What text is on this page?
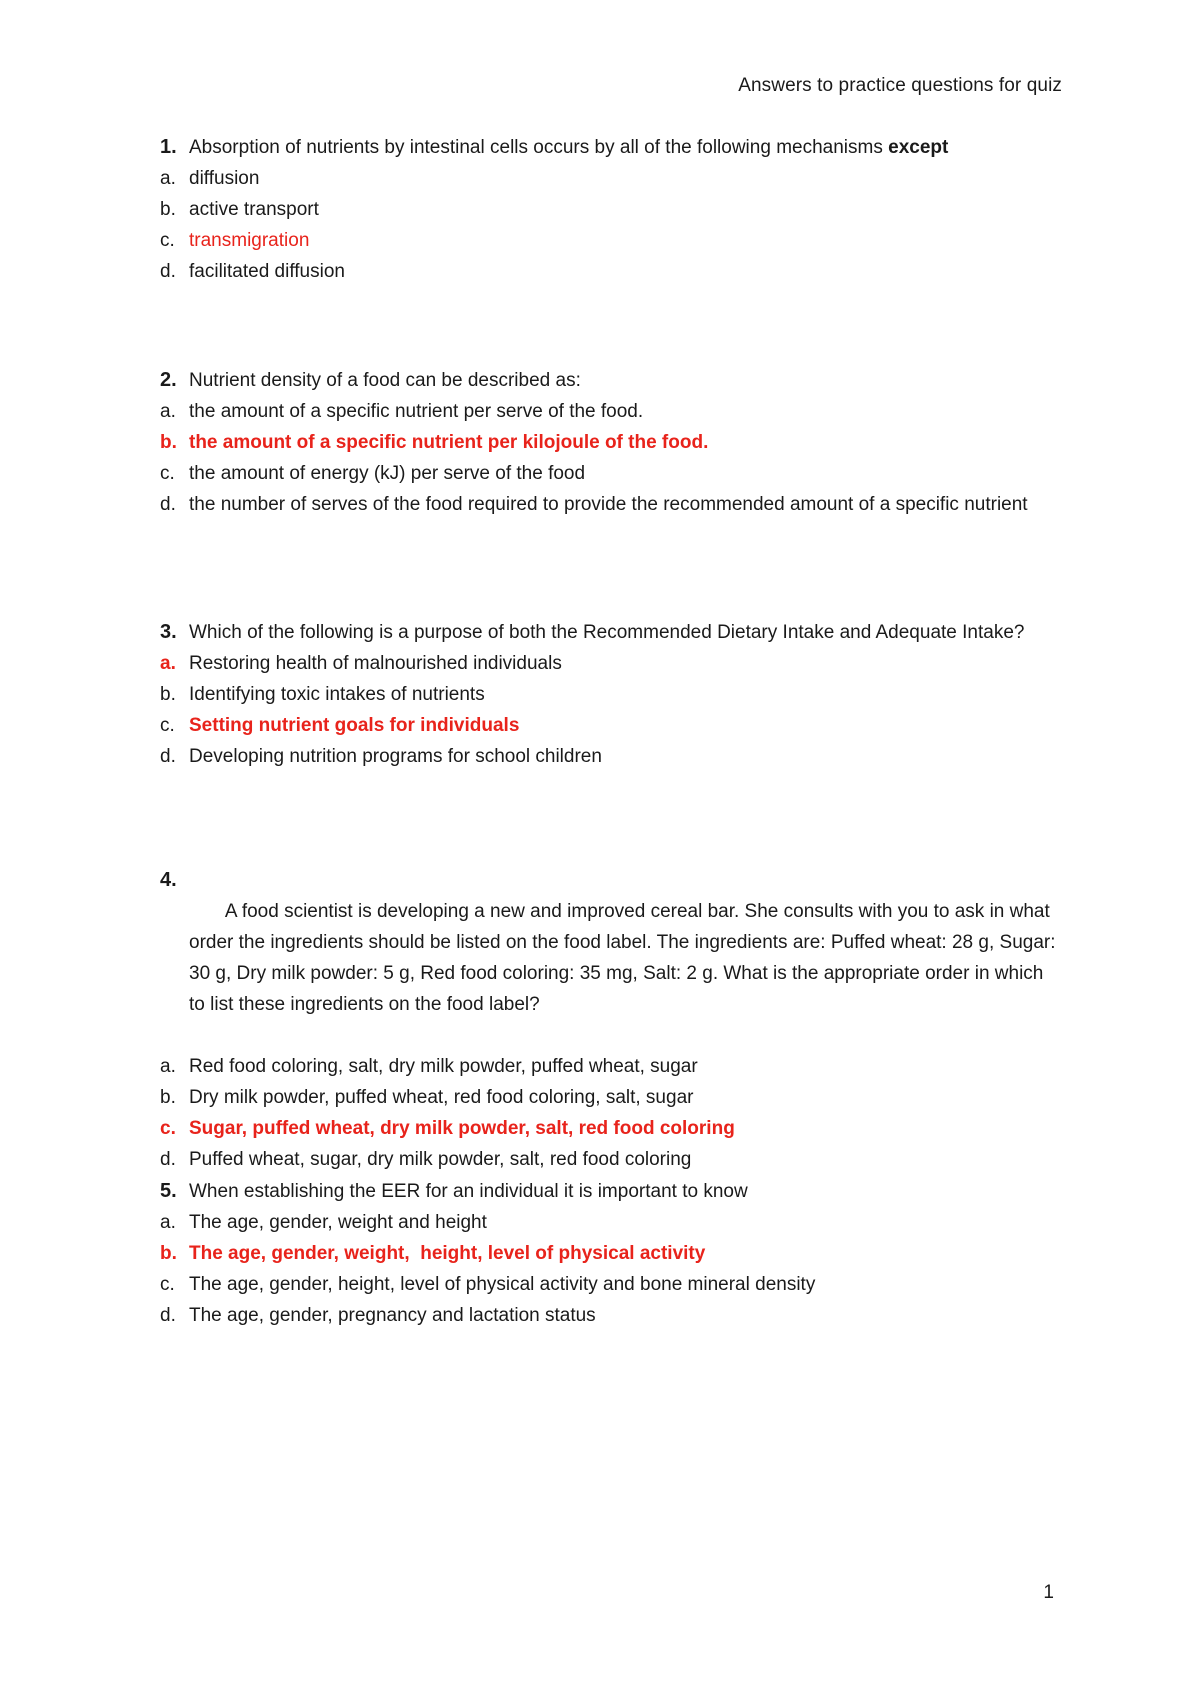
Answers to practice questions for quiz
1. Absorption of nutrients by intestinal cells occurs by all of the following mechanisms except
a. diffusion
b. active transport
c. transmigration
d. facilitated diffusion
2. Nutrient density of a food can be described as:
a. the amount of a specific nutrient per serve of the food.
b. the amount of a specific nutrient per kilojoule of the food.
c. the amount of energy (kJ) per serve of the food
d. the number of serves of the food required to provide the recommended amount of a specific nutrient
3. Which of the following is a purpose of both the Recommended Dietary Intake and Adequate Intake?
a. Restoring health of malnourished individuals
b. Identifying toxic intakes of nutrients
c. Setting nutrient goals for individuals
d. Developing nutrition programs for school children

4.
A food scientist is developing a new and improved cereal bar. She consults with you to ask in what order the ingredients should be listed on the food label. The ingredients are: Puffed wheat: 28 g, Sugar: 30 g, Dry milk powder: 5 g, Red food coloring: 35 mg, Salt: 2 g. What is the appropriate order in which to list these ingredients on the food label?

a. Red food coloring, salt, dry milk powder, puffed wheat, sugar
b. Dry milk powder, puffed wheat, red food coloring, salt, sugar
c. Sugar, puffed wheat, dry milk powder, salt, red food coloring
d. Puffed wheat, sugar, dry milk powder, salt, red food coloring
5. When establishing the EER for an individual it is important to know
a. The age, gender, weight and height
b. The age, gender, weight,  height, level of physical activity
c. The age, gender, height, level of physical activity and bone mineral density
d. The age, gender, pregnancy and lactation status
1
